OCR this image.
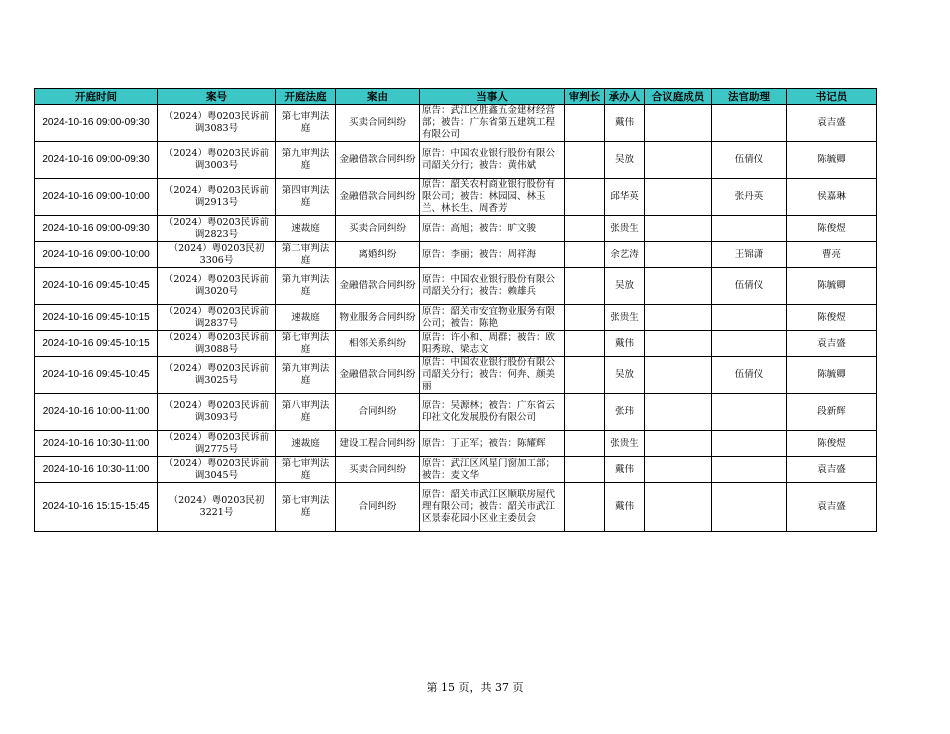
开庭时间	案号	开庭法庭	案由	当事人	审判长	承办人	合议庭成员	法官助理	书记员

2024-10-16 09:00-09:30	（2024）粤0203民诉前调3083号	第七审判法庭	买卖合同纠纷	原告：武江区胜鑫五金建材经营部；被告：广东省第五建筑工程有限公司		戴伟			袁吉盛

2024-10-16 09:00-09:30	（2024）粤0203民诉前调3003号	第九审判法庭	金融借款合同纠纷	原告：中国农业银行股份有限公司韶关分行；被告：黄伟斌		吴放		伍倩仪	陈毓卿

2024-10-16 09:00-10:00	（2024）粤0203民诉前调2913号	第四审判法庭	金融借款合同纠纷	原告：韶关农村商业银行股份有限公司；被告：林园园、林玉兰、林长生、周香芳		邱华英		张丹英	侯嘉琳

2024-10-16 09:00-09:30	（2024）粤0203民诉前调2823号	速裁庭	买卖合同纠纷	原告：高旭；被告：旷文骏		张贵生			陈俊煜

2024-10-16 09:00-10:00	（2024）粤0203民初3306号	第二审判法庭	离婚纠纷	原告：李丽；被告：周祥海		余艺涛		王锦潇	曹亮

2024-10-16 09:45-10:45	（2024）粤0203民诉前调3020号	第九审判法庭	金融借款合同纠纷	原告：中国农业银行股份有限公司韶关分行；被告：赖雄兵		吴放		伍倩仪	陈毓卿

2024-10-16 09:45-10:15	（2024）粤0203民诉前调2837号	速裁庭	物业服务合同纠纷	原告：韶关市安宜物业服务有限公司；被告：陈艳		张贵生			陈俊煜

2024-10-16 09:45-10:15	（2024）粤0203民诉前调3088号	第七审判法庭	相邻关系纠纷	原告：许小和、周群；被告：欧阳秀琼、梁志文		戴伟			袁吉盛

2024-10-16 09:45-10:45	（2024）粤0203民诉前调3025号	第九审判法庭	金融借款合同纠纷	原告：中国农业银行股份有限公司韶关分行；被告：何奔、颜美丽		吴放		伍倩仪	陈毓卿

2024-10-16 10:00-11:00	（2024）粤0203民诉前调3093号	第八审判法庭	合同纠纷	原告：吴源林；被告：广东省云印社文化发展股份有限公司		张玮			段新辉

2024-10-16 10:30-11:00	（2024）粤0203民诉前调2775号	速裁庭	建设工程合同纠纷	原告：丁正军；被告：陈耀辉		张贵生			陈俊煜

2024-10-16 10:30-11:00	（2024）粤0203民诉前调3045号	第七审判法庭	买卖合同纠纷	原告：武江区风星门窗加工部；被告：麦文华		戴伟			袁吉盛

2024-10-16 15:15-15:45	（2024）粤0203民初3221号	第七审判法庭	合同纠纷	原告：韶关市武江区顺联房屋代理有限公司；被告：韶关市武江区景泰花园小区业主委员会		戴伟			袁吉盛
第 15 页，共 37 页
